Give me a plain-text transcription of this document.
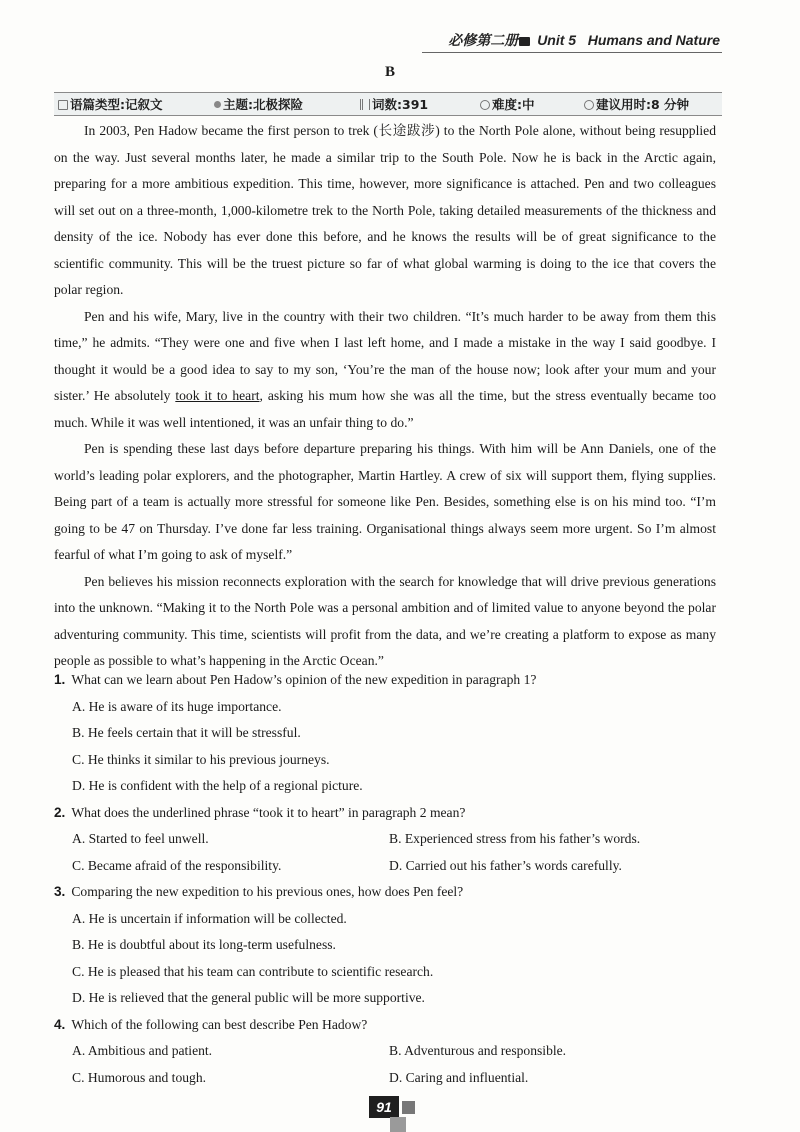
必修第二册 Unit 5 Humans and Nature
B
语篇类型:记叙文	主题:北极探险	词数:391	难度:中	建议用时:8 分钟

In 2003, Pen Hadow became the first person to trek (长途跋涉) to the North Pole alone, without being resupplied on the way. Just several months later, he made a similar trip to the South Pole. Now he is back in the Arctic again, preparing for a more ambitious expedition. This time, however, more significance is attached. Pen and two colleagues will set out on a three-month, 1,000-kilometre trek to the North Pole, taking detailed measurements of the thickness and density of the ice. Nobody has ever done this before, and he knows the results will be of great significance to the scientific community. This will be the truest picture so far of what global warming is doing to the ice that covers the polar region.

Pen and his wife, Mary, live in the country with their two children. “It’s much harder to be away from them this time,” he admits. “They were one and five when I last left home, and I made a mistake in the way I said goodbye. I thought it would be a good idea to say to my son, ‘You’re the man of the house now; look after your mum and your sister.’ He absolutely took it to heart, asking his mum how she was all the time, but the stress eventually became too much. While it was well intentioned, it was an unfair thing to do.”

Pen is spending these last days before departure preparing his things. With him will be Ann Daniels, one of the world’s leading polar explorers, and the photographer, Martin Hartley. A crew of six will support them, flying supplies. Being part of a team is actually more stressful for someone like Pen. Besides, something else is on his mind too. “I’m going to be 47 on Thursday. I’ve done far less training. Organisational things always seem more urgent. So I’m almost fearful of what I’m going to ask of myself.”

Pen believes his mission reconnects exploration with the search for knowledge that will drive previous generations into the unknown. “Making it to the North Pole was a personal ambition and of limited value to anyone beyond the polar adventuring community. This time, scientists will profit from the data, and we’re creating a platform to expose as many people as possible to what’s happening in the Arctic Ocean.”

1. What can we learn about Pen Hadow’s opinion of the new expedition in paragraph 1?
A. He is aware of its huge importance.
B. He feels certain that it will be stressful.
C. He thinks it similar to his previous journeys.
D. He is confident with the help of a regional picture.
2. What does the underlined phrase “took it to heart” in paragraph 2 mean?
A. Started to feel unwell.	B. Experienced stress from his father’s words.
C. Became afraid of the responsibility.	D. Carried out his father’s words carefully.
3. Comparing the new expedition to his previous ones, how does Pen feel?
A. He is uncertain if information will be collected.
B. He is doubtful about its long-term usefulness.
C. He is pleased that his team can contribute to scientific research.
D. He is relieved that the general public will be more supportive.
4. Which of the following can best describe Pen Hadow?
A. Ambitious and patient.	B. Adventurous and responsible.
C. Humorous and tough.	D. Caring and influential.
91
